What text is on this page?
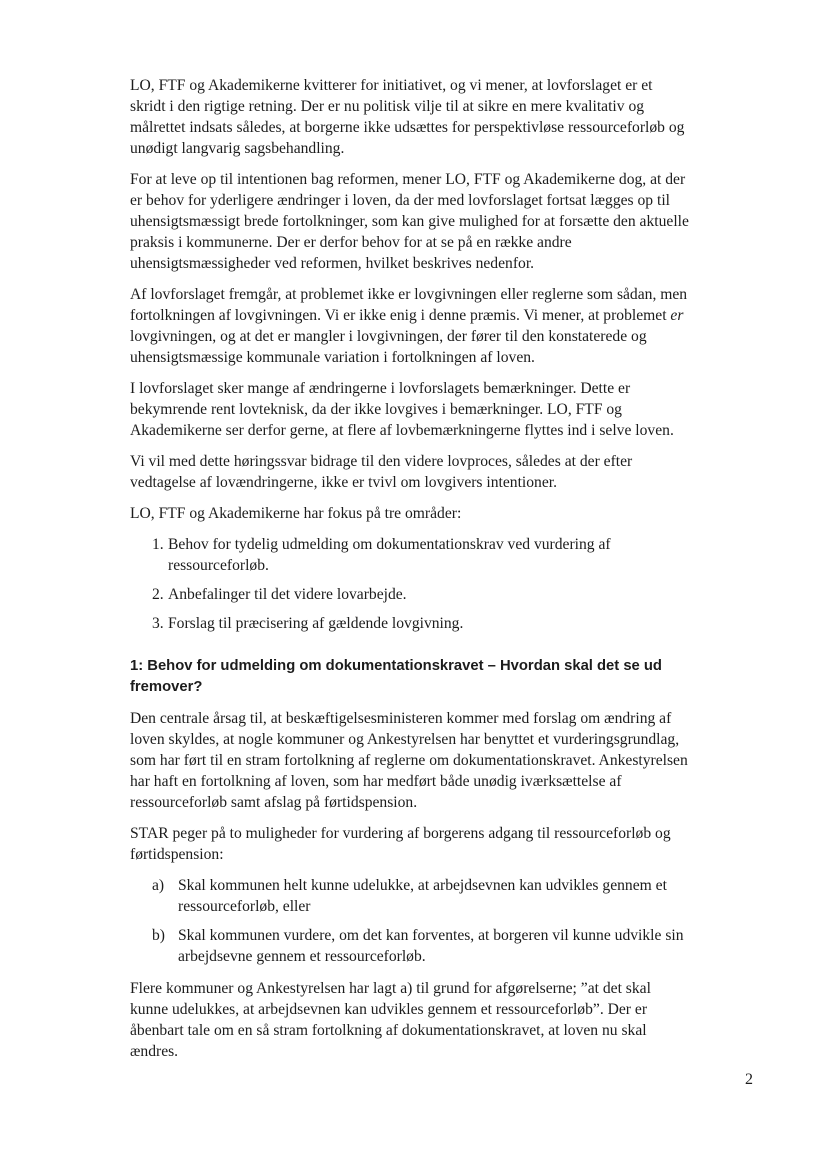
LO, FTF og Akademikerne kvitterer for initiativet, og vi mener, at lovforslaget er et skridt i den rigtige retning. Der er nu politisk vilje til at sikre en mere kvalitativ og målrettet indsats således, at borgerne ikke udsættes for perspektivløse ressourceforløb og unødigt langvarig sagsbehandling.

For at leve op til intentionen bag reformen, mener LO, FTF og Akademikerne dog, at der er behov for yderligere ændringer i loven, da der med lovforslaget fortsat lægges op til uhensigtsmæssigt brede fortolkninger, som kan give mulighed for at forsætte den aktuelle praksis i kommunerne. Der er derfor behov for at se på en række andre uhensigtsmæssigheder ved reformen, hvilket beskrives nedenfor.

Af lovforslaget fremgår, at problemet ikke er lovgivningen eller reglerne som sådan, men fortolkningen af lovgivningen. Vi er ikke enig i denne præmis. Vi mener, at problemet er lovgivningen, og at det er mangler i lovgivningen, der fører til den konstaterede og uhensigtsmæssige kommunale variation i fortolkningen af loven.

I lovforslaget sker mange af ændringerne i lovforslagets bemærkninger. Dette er bekymrende rent lovteknisk, da der ikke lovgives i bemærkninger. LO, FTF og Akademikerne ser derfor gerne, at flere af lovbemærkningerne flyttes ind i selve loven.

Vi vil med dette høringssvar bidrage til den videre lovproces, således at der efter vedtagelse af lovændringerne, ikke er tvivl om lovgivers intentioner.

LO, FTF og Akademikerne har fokus på tre områder:

1. Behov for tydelig udmelding om dokumentationskrav ved vurdering af ressourceforløb.
2. Anbefalinger til det videre lovarbejde.
3. Forslag til præcisering af gældende lovgivning.
1: Behov for udmelding om dokumentationskravet – Hvordan skal det se ud fremover?

Den centrale årsag til, at beskæftigelsesministeren kommer med forslag om ændring af loven skyldes, at nogle kommuner og Ankestyrelsen har benyttet et vurderingsgrundlag, som har ført til en stram fortolkning af reglerne om dokumentationskravet. Ankestyrelsen har haft en fortolkning af loven, som har medført både unødig iværksættelse af ressourceforløb samt afslag på førtidspension.

STAR peger på to muligheder for vurdering af borgerens adgang til ressourceforløb og førtidspension:

a) Skal kommunen helt kunne udelukke, at arbejdsevnen kan udvikles gennem et ressourceforløb, eller
b) Skal kommunen vurdere, om det kan forventes, at borgeren vil kunne udvikle sin arbejdsevne gennem et ressourceforløb.

Flere kommuner og Ankestyrelsen har lagt a) til grund for afgørelserne; ”at det skal kunne udelukkes, at arbejdsevnen kan udvikles gennem et ressourceforløb”. Der er åbenbart tale om en så stram fortolkning af dokumentationskravet, at loven nu skal ændres.

2
